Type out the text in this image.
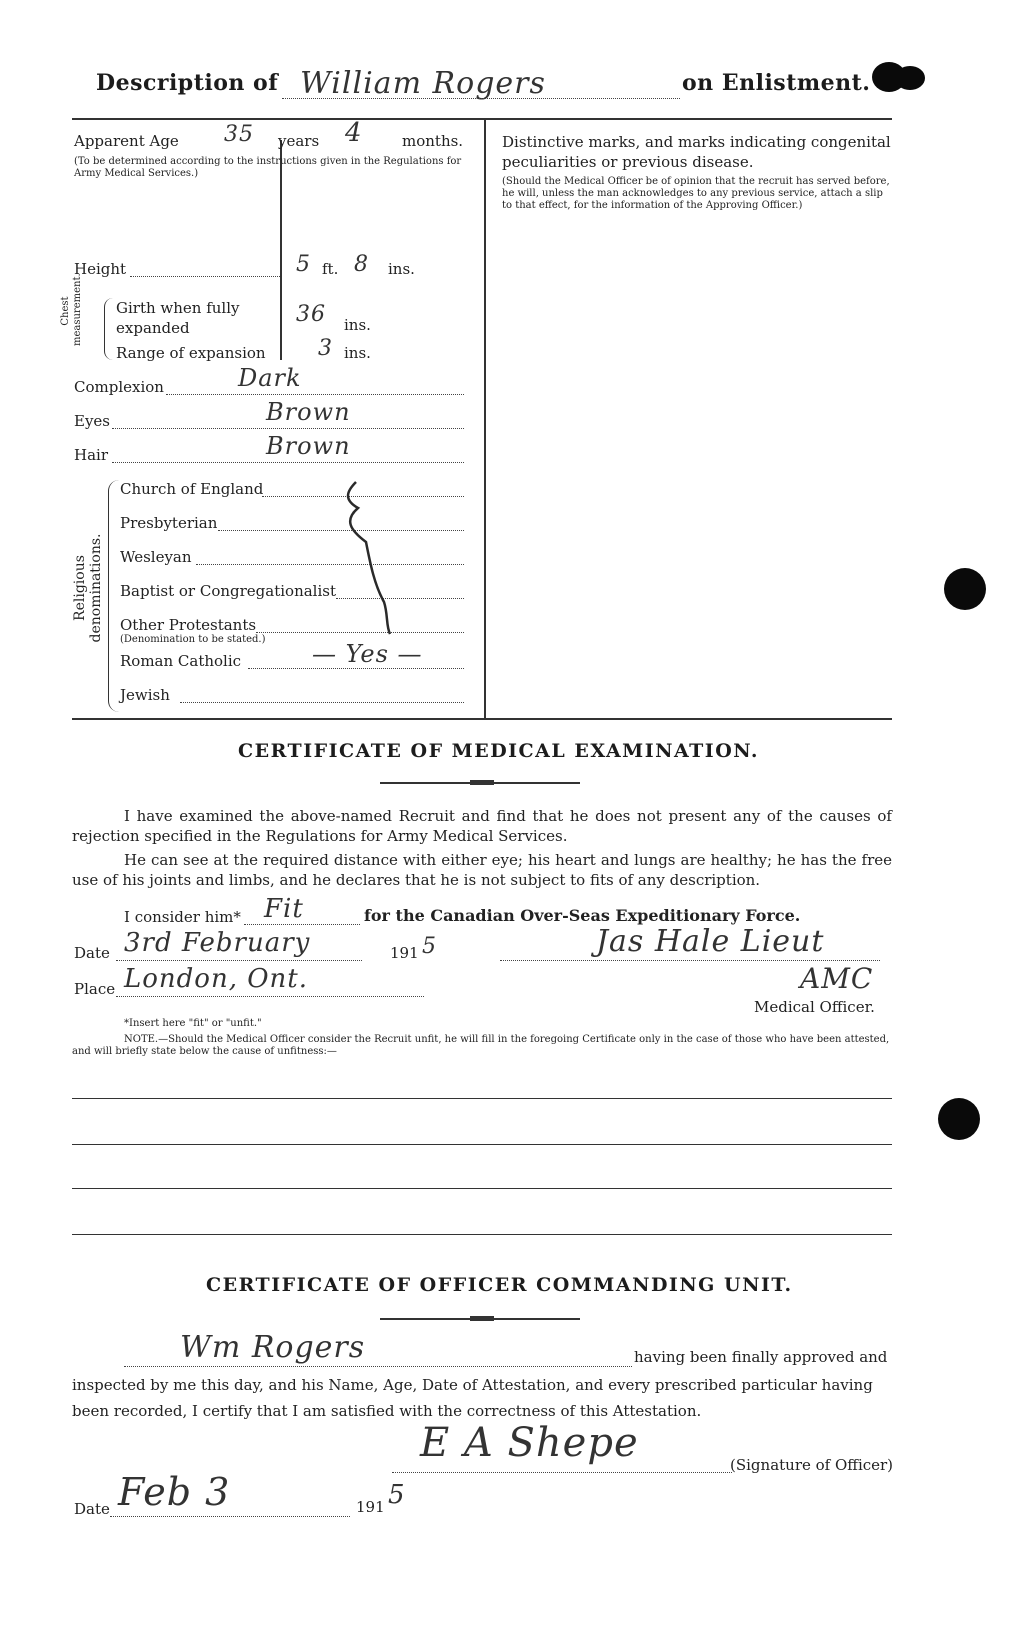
Description of William Rogers	on Enlistment.
Apparent Age 35 years 4	months.
(To be determined according to the instructions given in the Regulations for Army Medical Services.)
Height	5 ft. 8 ins.
Chest measurement. Girth when fully expanded
36 ins.
Range of expansion 3 ins.
Complexion	Dark
Eyes	Brown
Hair	Brown
Religious denominations.
Church of England
Presbyterian
Wesleyan
Baptist or Congregationalist
Other Protestants
(Denomination to be stated.)
Roman Catholic	— Yes —
Jewish
Distinctive marks, and marks indicating congenital peculiarities or previous disease.
(Should the Medical Officer be of opinion that the recruit has served before, he will, unless the man acknowledges to any previous service, attach a slip to that effect, for the information of the Approving Officer.)
CERTIFICATE OF MEDICAL EXAMINATION.
I have examined the above-named Recruit and find that he does not present any of the causes of rejection specified in the Regulations for Army Medical Services.
He can see at the required distance with either eye; his heart and lungs are healthy; he has the free use of his joints and limbs, and he declares that he is not subject to fits of any description.
I consider him* Fit	for the Canadian Over-Seas Expeditionary Force.
Date 3rd February	191 5	Jas Hale Lieut
Place London, Ont.	AMC
Medical Officer.
*Insert here "fit" or "unfit."
NOTE.—Should the Medical Officer consider the Recruit unfit, he will fill in the foregoing Certificate only in the case of those who have been attested, and will briefly state below the cause of unfitness:—
CERTIFICATE OF OFFICER COMMANDING UNIT.
Wm Rogers	having been finally approved and
inspected by me this day, and his Name, Age, Date of Attestation, and every prescribed particular having
been recorded, I certify that I am satisfied with the correctness of this Attestation.
E A Shepe	(Signature of Officer)
Date Feb 3	191 5
